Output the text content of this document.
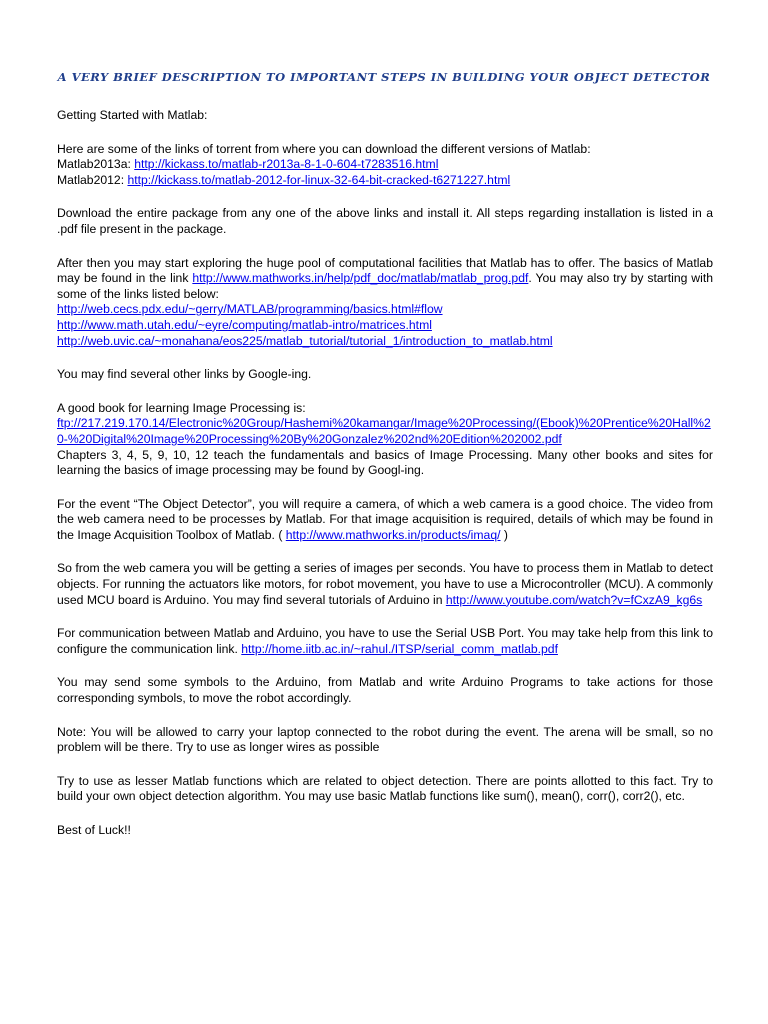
A VERY BRIEF DESCRIPTION TO IMPORTANT STEPS IN BUILDING YOUR OBJECT DETECTOR

Getting Started with Matlab:

Here are some of the links of torrent from where you can download the different versions of Matlab:

Matlab2013a: http://kickass.to/matlab-r2013a-8-1-0-604-t7283516.html

Matlab2012: http://kickass.to/matlab-2012-for-linux-32-64-bit-cracked-t6271227.html

Download the entire package from any one of the above links and install it. All steps regarding installation is listed in a .pdf file present in the package.

After then you may start exploring the huge pool of computational facilities that Matlab has to offer. The basics of Matlab may be found in the link http://www.mathworks.in/help/pdf_doc/matlab/matlab_prog.pdf. You may also try by starting with some of the links listed below:

http://web.cecs.pdx.edu/~gerry/MATLAB/programming/basics.html#flow
http://www.math.utah.edu/~eyre/computing/matlab-intro/matrices.html

http://web.uvic.ca/~monahana/eos225/matlab_tutorial/tutorial_1/introduction_to_matlab.html

You may find several other links by Google-ing.

A good book for learning Image Processing is:

ftp://217.219.170.14/Electronic%20Group/Hashemi%20kamangar/Image%20Processing/(Ebook)%20Prentice%20Hall%20-%20Digital%20Image%20Processing%20By%20Gonzalez%202nd%20Edition%202002.pdf

Chapters 3, 4, 5, 9, 10, 12 teach the fundamentals and basics of Image Processing. Many other books and sites for learning the basics of image processing may be found by Googl-ing.

For the event “The Object Detector”, you will require a camera, of which a web camera is a good choice. The video from the web camera need to be processes by Matlab. For that image acquisition is required, details of which may be found in the Image Acquisition Toolbox of Matlab. ( http://www.mathworks.in/products/imaq/ )

So from the web camera you will be getting a series of images per seconds. You have to process them in Matlab to detect objects. For running the actuators like motors, for robot movement, you have to use a Microcontroller (MCU). A commonly used MCU board is Arduino. You may find several tutorials of Arduino in http://www.youtube.com/watch?v=fCxzA9_kg6s

For communication between Matlab and Arduino, you have to use the Serial USB Port. You may take help from this link to configure the communication link. http://home.iitb.ac.in/~rahul./ITSP/serial_comm_matlab.pdf

You may send some symbols to the Arduino, from Matlab and write Arduino Programs to take actions for those corresponding symbols, to move the robot accordingly.

Note: You will be allowed to carry your laptop connected to the robot during the event. The arena will be small, so no problem will be there. Try to use as longer wires as possible

Try to use as lesser Matlab functions which are related to object detection. There are points allotted to this fact. Try to build your own object detection algorithm. You may use basic Matlab functions like sum(), mean(), corr(), corr2(), etc.

Best of Luck!!
